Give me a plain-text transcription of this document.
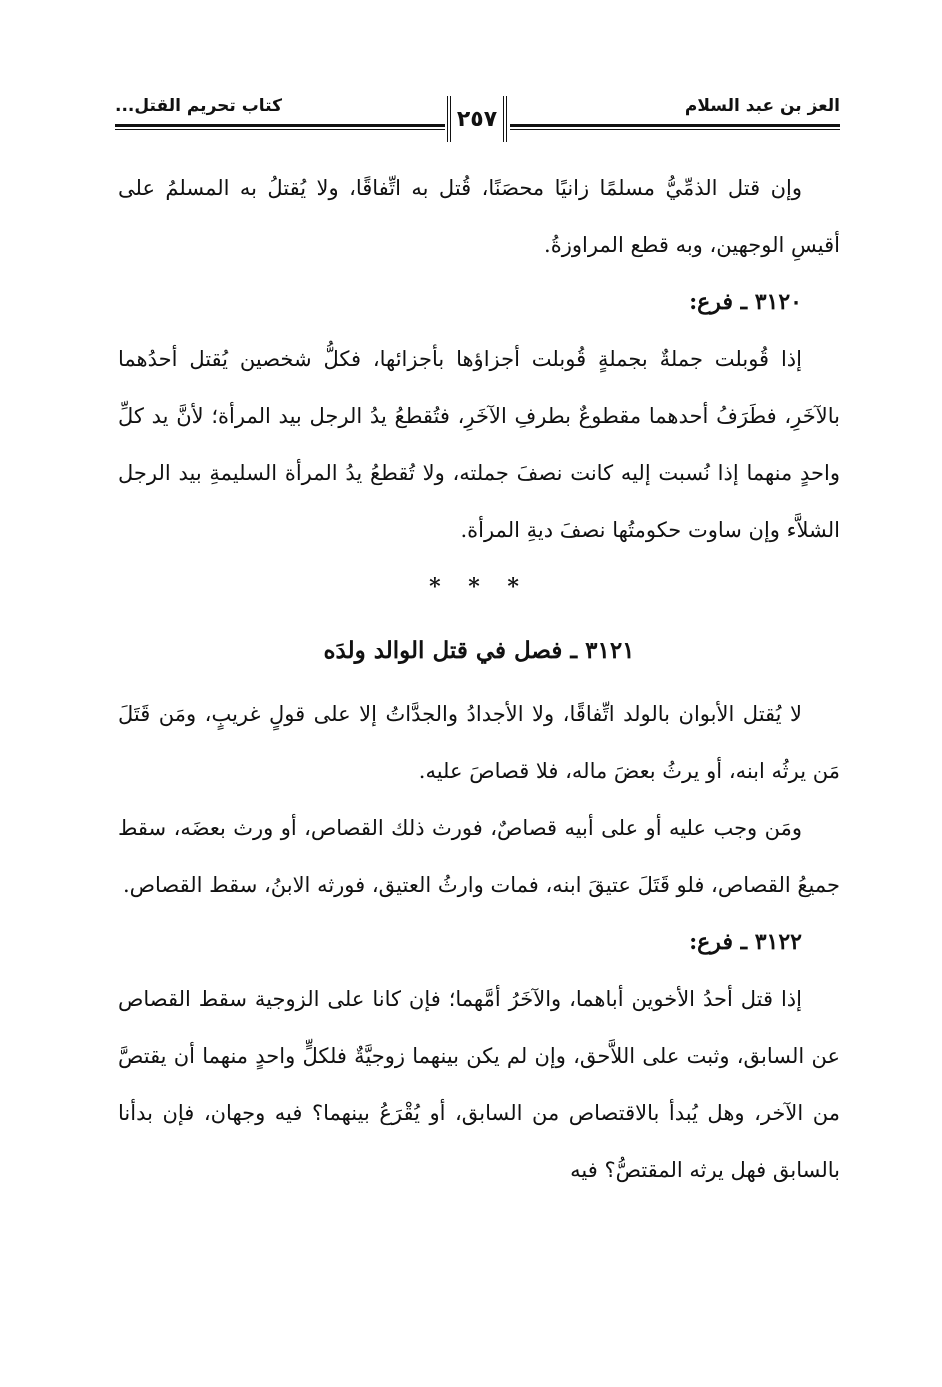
العز بن عبد السلام
كتاب تحريم القتل...
٢٥٧

وإن قتل الذمِّيُّ مسلمًا زانيًا محصَنًا، قُتل به اتِّفاقًا، ولا يُقتلُ به المسلمُ على أقيسِ الوجهين، وبه قطع المراوزةُ.

٣١٢٠ ـ فرع:

إذا قُوبلت جملةٌ بجملةٍ قُوبلت أجزاؤها بأجزائها، فكلُّ شخصين يُقتل أحدُهما بالآخَرِ، فطَرَفُ أحدهما مقطوعٌ بطرفِ الآخَرِ، فتُقطعُ يدُ الرجل بيد المرأة؛ لأنَّ يد كلِّ واحدٍ منهما إذا نُسبت إليه كانت نصفَ جملته، ولا تُقطعُ يدُ المرأة السليمةِ بيد الرجل الشلاَّء وإن ساوت حكومتُها نصفَ ديةِ المرأة.

* * *

٣١٢١ ـ فصل في قتل الوالد ولدَه

لا يُقتل الأبوان بالولد اتِّفاقًا، ولا الأجدادُ والجدَّاتُ إلا على قولٍ غريبٍ، ومَن قَتَلَ مَن يرثُه ابنه، أو يرثُ بعضَ ماله، فلا قصاصَ عليه.

ومَن وجب عليه أو على أبيه قصاصٌ، فورث ذلك القصاص، أو ورث بعضَه، سقط جميعُ القصاص، فلو قَتَلَ عتيقَ ابنه، فمات وارثُ العتيق، فورثه الابنُ، سقط القصاص.

٣١٢٢ ـ فرع:

إذا قتل أحدُ الأخوين أباهما، والآخَرُ أمَّهما؛ فإن كانا على الزوجية سقط القصاص عن السابق، وثبت على اللاَّحق، وإن لم يكن بينهما زوجيَّةٌ فلكلٍّ واحدٍ منهما أن يقتصَّ من الآخر، وهل يُبدأ بالاقتصاص من السابق، أو يُقْرَعُ بينهما؟ فيه وجهان، فإن بدأنا بالسابق فهل يرثه المقتصُّ؟ فيه
